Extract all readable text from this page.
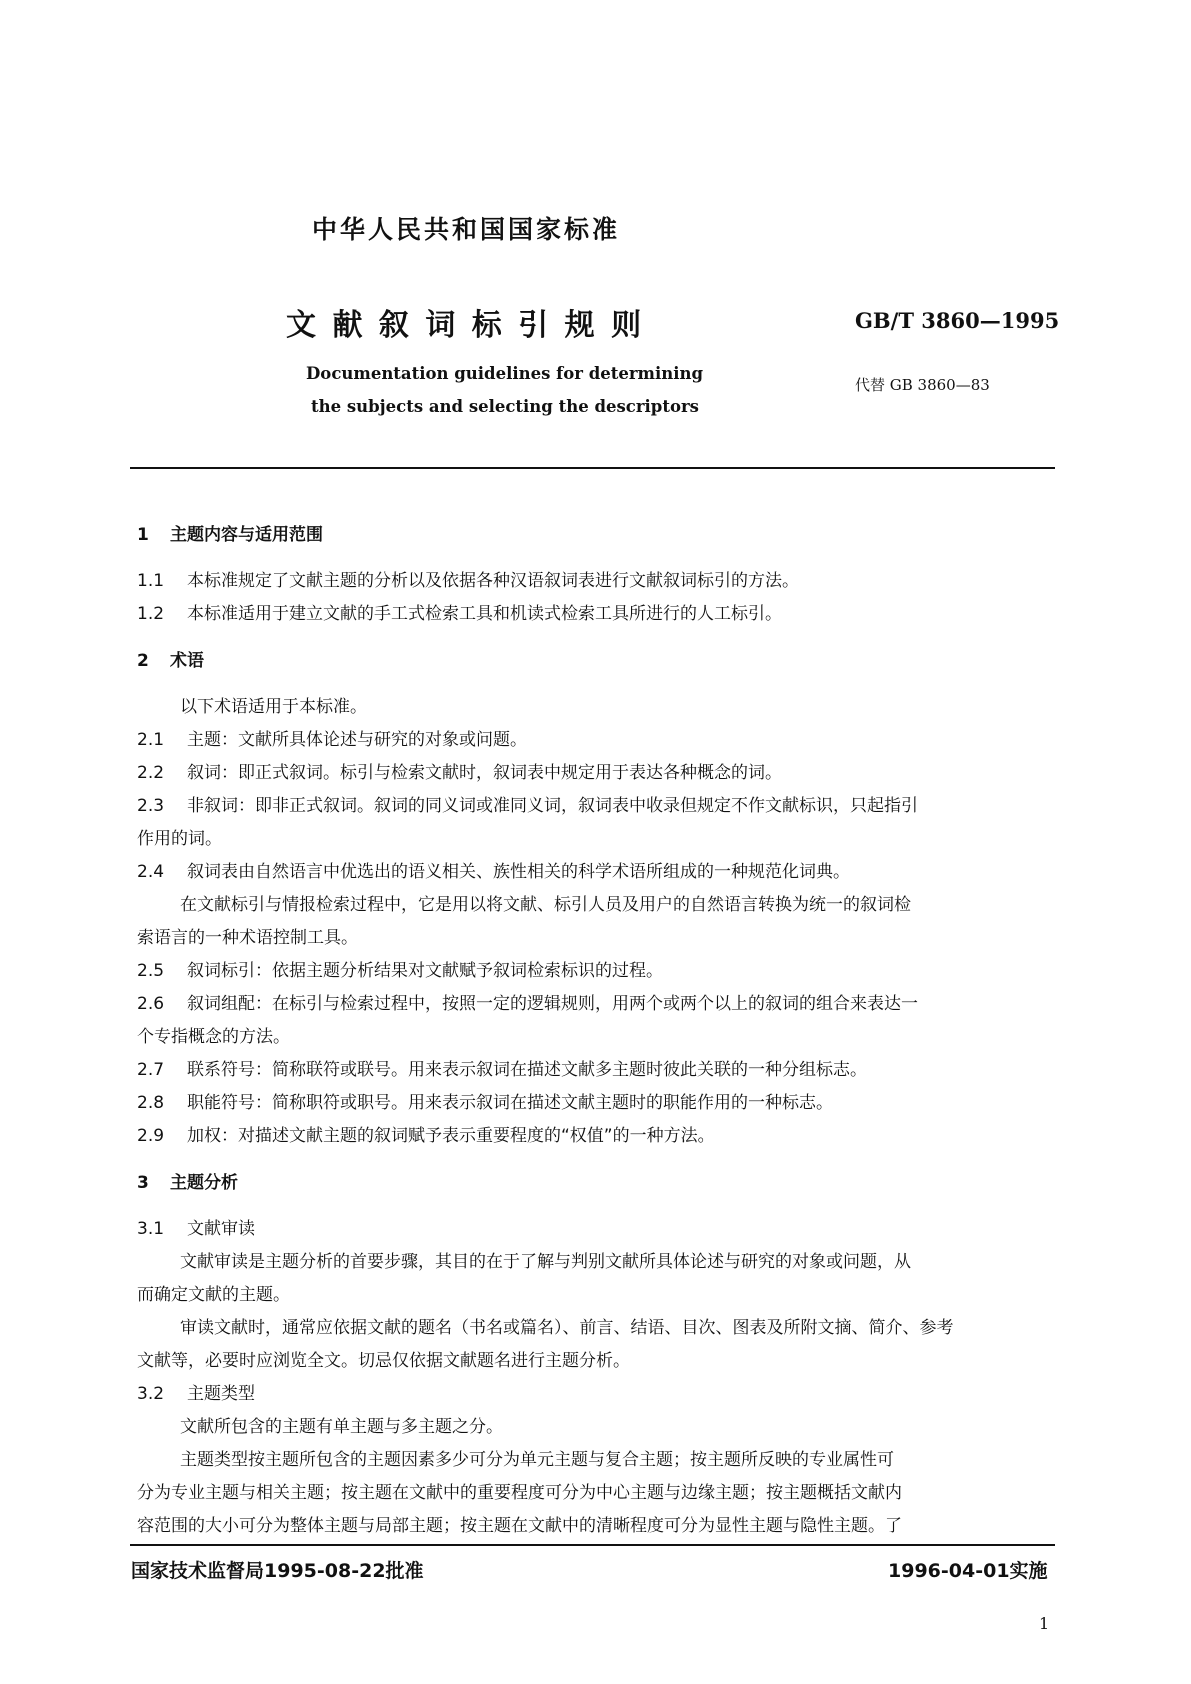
中华人民共和国国家标准
文 献 叙 词 标 引 规 则	GB/T 3860—1995
Documentation guidelines for determining
the subjects and selecting the descriptors
代替 GB 3860—83
1 主题内容与适用范围
1.1 本标准规定了文献主题的分析以及依据各种汉语叙词表进行文献叙词标引的方法。
1.2 本标准适用于建立文献的手工式检索工具和机读式检索工具所进行的人工标引。
2 术语
以下术语适用于本标准。
2.1 主题：文献所具体论述与研究的对象或问题。
2.2 叙词：即正式叙词。标引与检索文献时，叙词表中规定用于表达各种概念的词。
2.3 非叙词：即非正式叙词。叙词的同义词或准同义词，叙词表中收录但规定不作文献标识，只起指引
作用的词。
2.4 叙词表由自然语言中优选出的语义相关、族性相关的科学术语所组成的一种规范化词典。
在文献标引与情报检索过程中，它是用以将文献、标引人员及用户的自然语言转换为统一的叙词检
索语言的一种术语控制工具。
2.5 叙词标引：依据主题分析结果对文献赋予叙词检索标识的过程。
2.6 叙词组配：在标引与检索过程中，按照一定的逻辑规则，用两个或两个以上的叙词的组合来表达一
个专指概念的方法。
2.7 联系符号：简称联符或联号。用来表示叙词在描述文献多主题时彼此关联的一种分组标志。
2.8 职能符号：简称职符或职号。用来表示叙词在描述文献主题时的职能作用的一种标志。
2.9 加权：对描述文献主题的叙词赋予表示重要程度的“权值”的一种方法。
3 主题分析
3.1 文献审读
文献审读是主题分析的首要步骤，其目的在于了解与判别文献所具体论述与研究的对象或问题，从
而确定文献的主题。
审读文献时，通常应依据文献的题名（书名或篇名）、前言、结语、目次、图表及所附文摘、简介、参考
文献等，必要时应浏览全文。切忌仅依据文献题名进行主题分析。
3.2 主题类型
文献所包含的主题有单主题与多主题之分。
主题类型按主题所包含的主题因素多少可分为单元主题与复合主题；按主题所反映的专业属性可
分为专业主题与相关主题；按主题在文献中的重要程度可分为中心主题与边缘主题；按主题概括文献内
容范围的大小可分为整体主题与局部主题；按主题在文献中的清晰程度可分为显性主题与隐性主题。了
国家技术监督局1995-08-22批准	1996-04-01实施
1
